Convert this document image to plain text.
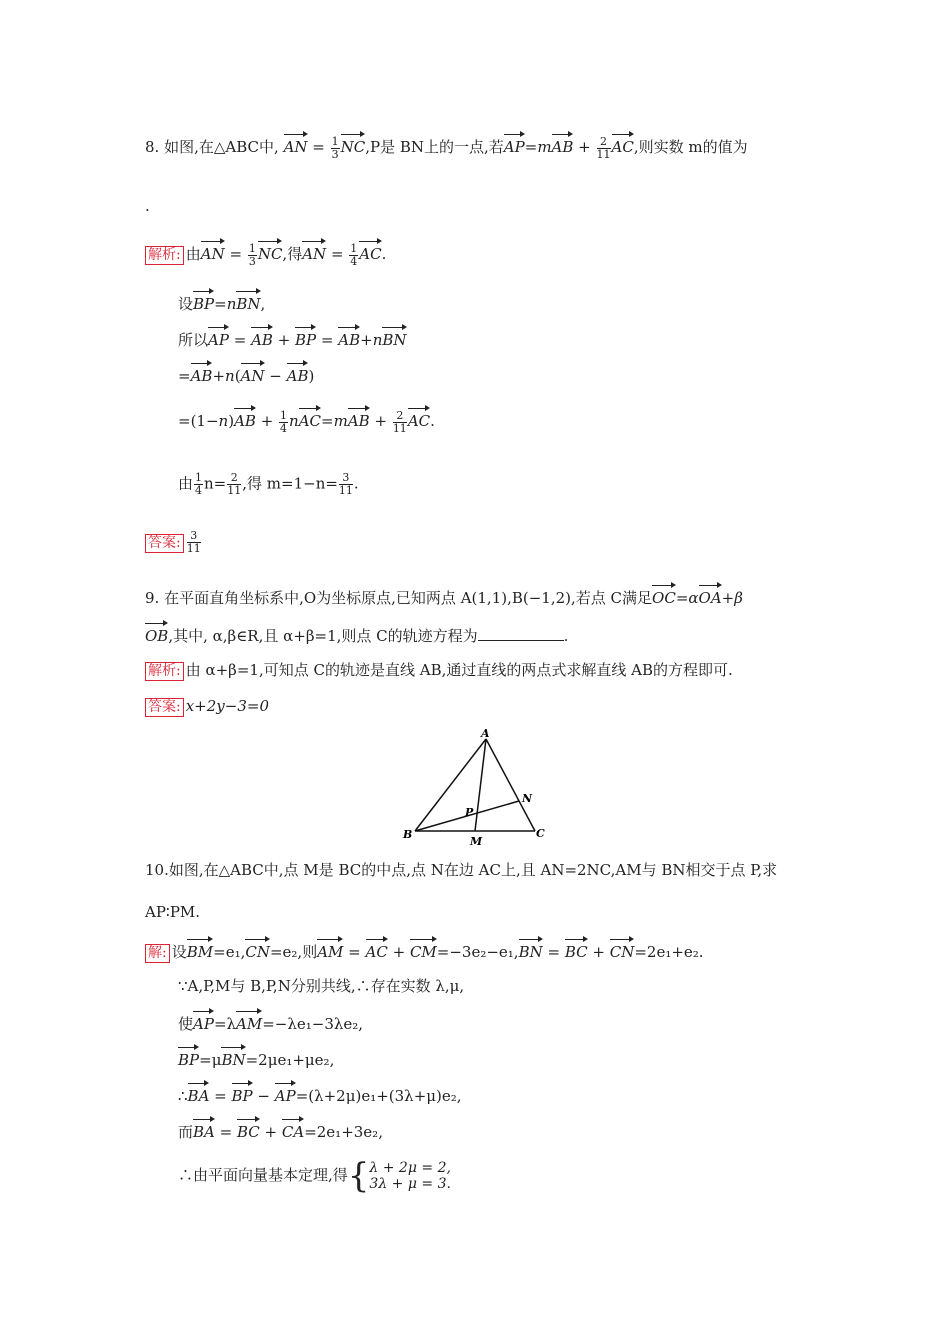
8. 如图,在△ABC中, AN = $\frac{1}{3} NC,P$是 BN上的一点,若$AP=mAB + \frac{2}{11}$ AC,则实数 m的值为
.
解析: 由AN = $\frac{1}{3}$ NC,得AN = $\frac{1}{4}$ AC.
设BP=nBN,
所以AP = AB + BP = AB+nBN
=AB+n(AN − AB)
$=(1-n)AB + \frac{1}{4} nAC=mAB + \frac{2}{11}$ AC.
由 $\frac{1}{4} n= \frac{2}{11}$ ,得 $m=1-n= \frac{3}{11}$ .
答案: $\frac{3}{11}$
9. 在平面直角坐标系中,O为坐标原点,已知两点 A(1,1),B(−1,2),若点 C满足OC=αOA+β
OB,其中, α,β∈R,且 α+β=1,则点 C的轨迹方程为	.
解析: 由 α+β=1,可知点 C的轨迹是直线 AB,通过直线的两点式求解直线 AB的方程即可.
答案: x+2y−3=0
A
N
P
B
M
C
10.如图,在△ABC中,点 M是 BC的中点,点 N在边 AC上,且 AN=2NC,AM与 BN相交于点 P,求
AP∶PM.
解: 设BM=e₁,CN=e₂,则AM = AC + CM=−3e₂−e₁,BN = BC + CN=2e₁+e₂.
∵A,P,M与 B,P,N分别共线,∴存在实数 λ,μ,
使AP=λAM=−λe₁−3λe₂,
BP=μBN=2μe₁+μe₂,
∴BA = BP − AP=(λ+2μ)e₁+(3λ+μ)e₂,
而BA = BC + CA=2e₁+3e₂,
∴由平面向量基本定理,得{ λ + 2μ = 2,
3λ + μ = 3.
